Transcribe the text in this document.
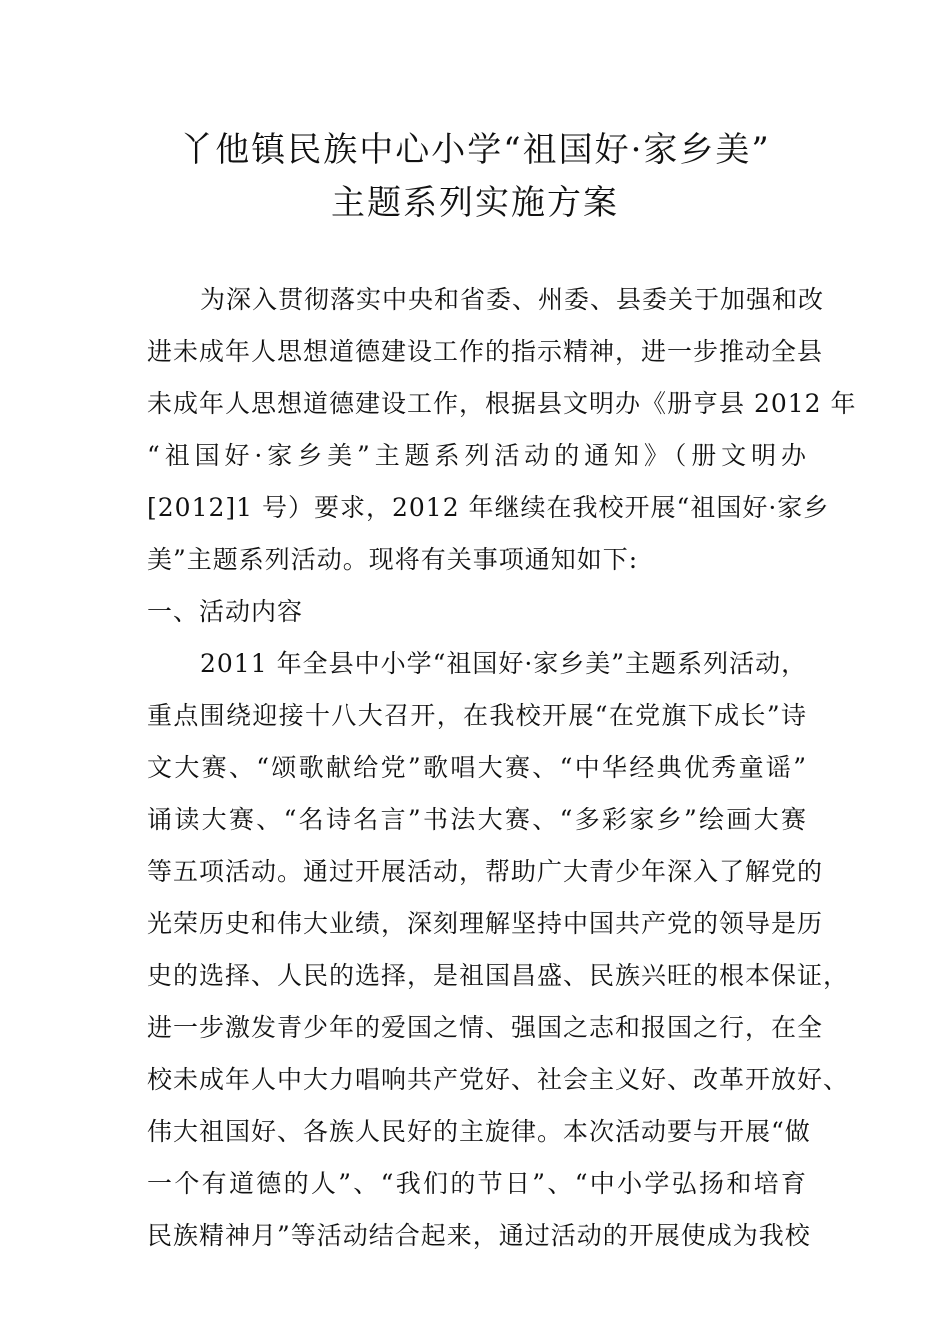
丫他镇民族中心小学“祖国好·家乡美”
主题系列实施方案
为深入贯彻落实中央和省委、州委、县委关于加强和改
进未成年人思想道德建设工作的指示精神，进一步推动全县
未成年人思想道德建设工作，根据县文明办《册亨县 2012 年
“祖国好·家乡美”主题系列活动的通知》（册文明办
[2012]1 号）要求，2012 年继续在我校开展“祖国好·家乡
美”主题系列活动。现将有关事项通知如下:
一、活动内容
2011 年全县中小学“祖国好·家乡美”主题系列活动，
重点围绕迎接十八大召开，在我校开展“在党旗下成长”诗
文大赛、“颂歌献给党”歌唱大赛、“中华经典优秀童谣”
诵读大赛、“名诗名言”书法大赛、“多彩家乡”绘画大赛
等五项活动。通过开展活动，帮助广大青少年深入了解党的
光荣历史和伟大业绩，深刻理解坚持中国共产党的领导是历
史的选择、人民的选择，是祖国昌盛、民族兴旺的根本保证，
进一步激发青少年的爱国之情、强国之志和报国之行，在全
校未成年人中大力唱响共产党好、社会主义好、改革开放好、
伟大祖国好、各族人民好的主旋律。本次活动要与开展“做
一个有道德的人”、“我们的节日”、“中小学弘扬和培育
民族精神月”等活动结合起来，通过活动的开展使成为我校
